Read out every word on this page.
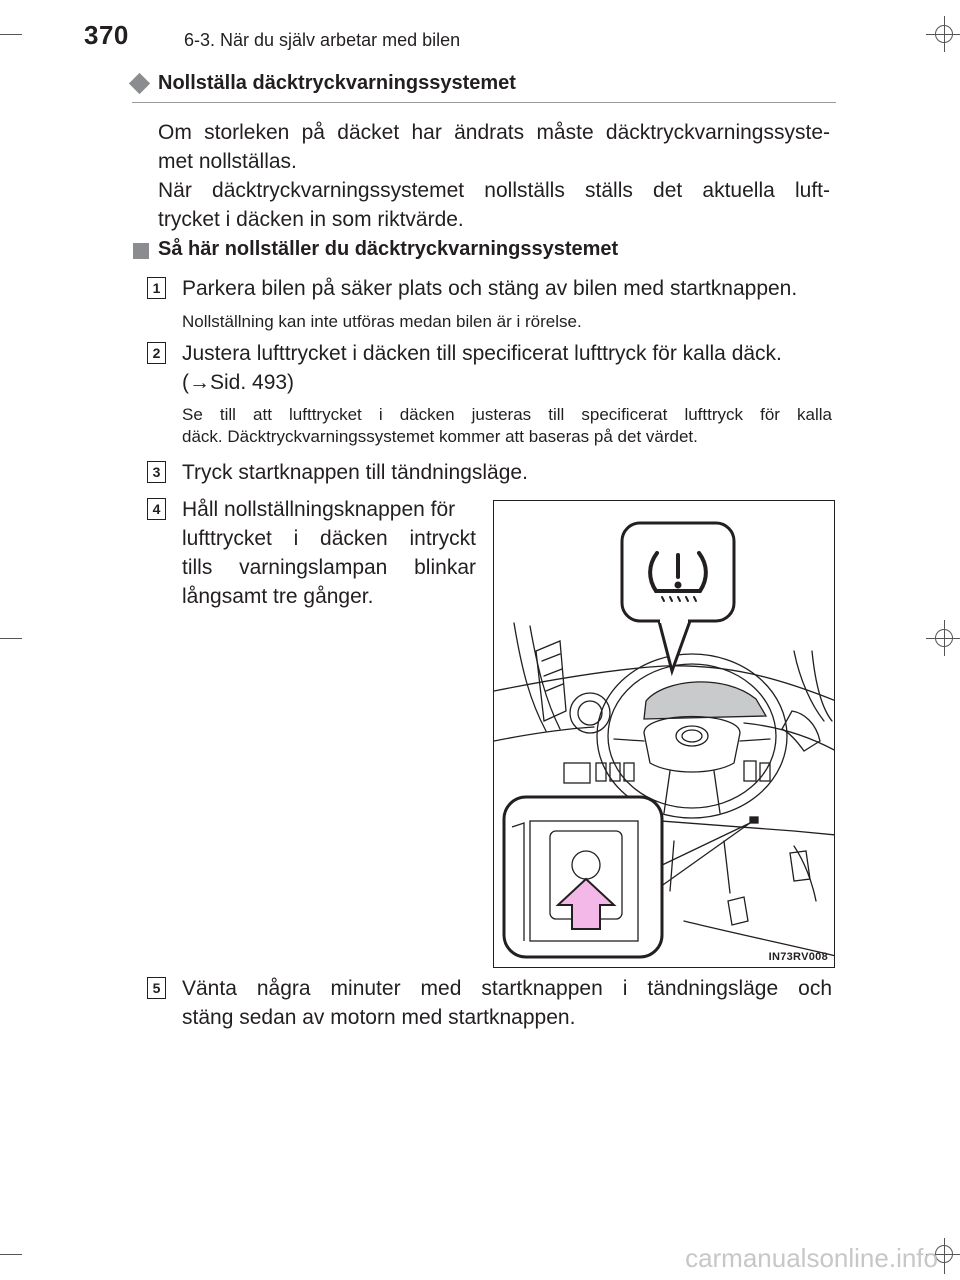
370	6-3. När du själv arbetar med bilen
Nollställa däcktryckvarningssystemet
Om storleken på däcket har ändrats måste däcktryckvarningssyste-
met nollställas.
När däcktryckvarningssystemet nollställs ställs det aktuella luft-
trycket i däcken in som riktvärde.
Så här nollställer du däcktryckvarningssystemet
1 Parkera bilen på säker plats och stäng av bilen med startknappen.
Nollställning kan inte utföras medan bilen är i rörelse.
2 Justera lufttrycket i däcken till specificerat lufttryck för kalla däck.
(→Sid. 493)
Se till att lufttrycket i däcken justeras till specificerat lufttryck för kalla
däck. Däcktryckvarningssystemet kommer att baseras på det värdet.
3 Tryck startknappen till tändningsläge.
4 Håll nollställningsknappen för
lufttrycket i däcken intryckt
tills varningslampan blinkar
långsamt tre gånger.
IN73RV008
5 Vänta några minuter med startknappen i tändningsläge och
stäng sedan av motorn med startknappen.
carmanualsonline.info
